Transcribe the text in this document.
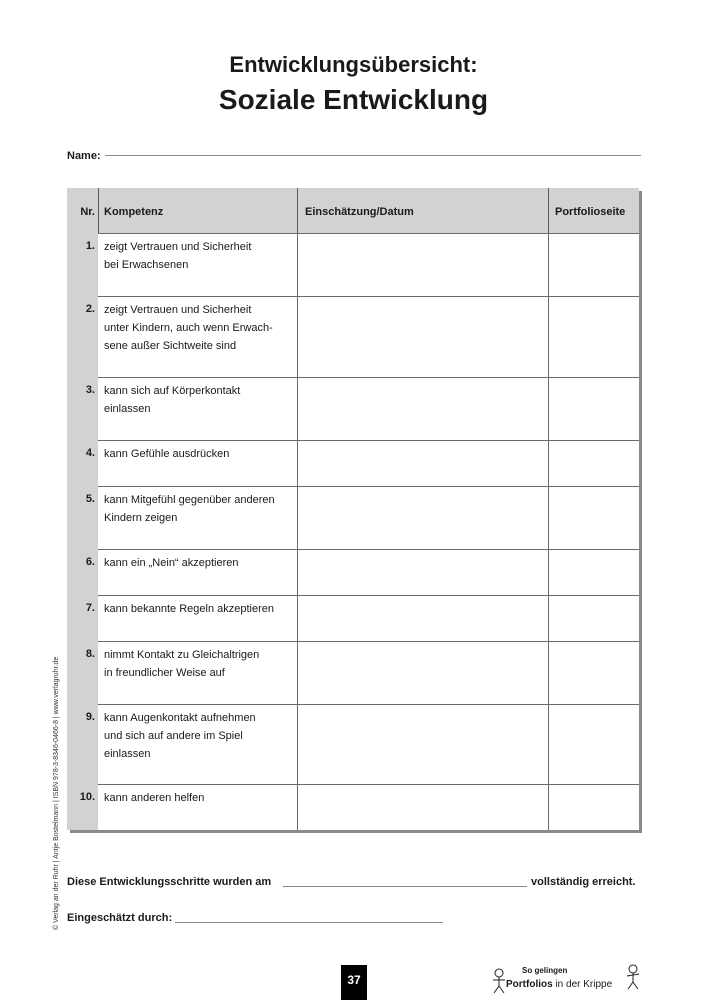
Entwicklungsübersicht:
Soziale Entwicklung
Name:
Nr. Kompetenz	Einschätzung/Datum	Portfolioseite
1. zeigt Vertrauen und Sicherheit
bei Erwachsenen
2. zeigt Vertrauen und Sicherheit
unter Kindern, auch wenn Erwach-
sene außer Sichtweite sind
3. kann sich auf Körperkontakt
einlassen
4. kann Gefühle ausdrücken
5. kann Mitgefühl gegenüber anderen
Kindern zeigen
6. kann ein „Nein“ akzeptieren
7. kann bekannte Regeln akzeptieren
8. nimmt Kontakt zu Gleichaltrigen
in freundlicher Weise auf
9. kann Augenkontakt aufnehmen
und sich auf andere im Spiel
einlassen
10. kann anderen helfen
Diese Entwicklungsschritte wurden am	vollständig erreicht.
Eingeschätzt durch:
© Verlag an der Ruhr | Antje Bostelmann | ISBN 978-3-8346-0466-8 | www.verlagruhr.de
37
So gelingen
Portfolios in der Krippe
